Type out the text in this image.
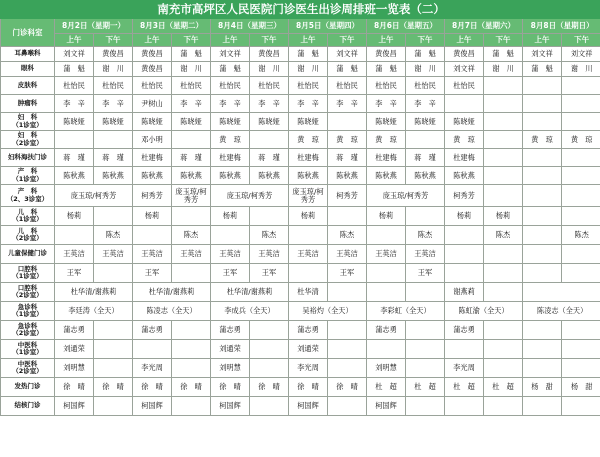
南充市高坪区人民医院门诊医生出诊周排班一览表（二）														
门诊科室	8月2日（星期一）		8月3日（星期二）		8月4日（星期三）		8月5日（星期四）		8月6日（星期五）		8月7日（星期六）		8月8日（星期日）	
	上午	下午	上午	下午	上午	下午	上午	下午	上午	下午	上午	下午	上午	下午
耳鼻喉科	刘文祥	黄俊昌	黄俊昌	蒲　魁	刘文祥	黄俊昌	蒲　魁	刘文祥	黄俊昌	蒲　魁	黄俊昌	蒲　魁	刘文祥	刘文祥
眼科	蒲　魁	谢　川	黄俊昌	谢　川	蒲　魁	谢　川	谢　川	蒲　魁	蒲　魁	谢　川	刘文祥	谢　川	蒲　魁	谢　川
皮肤科	杜怡民	杜怡民	杜怡民	杜怡民	杜怡民	杜怡民	杜怡民	杜怡民	杜怡民	杜怡民	杜怡民			
肿瘤科	李　辛	李　辛	尹树山	李　辛	李　辛	李　辛	李　辛	李　辛	李　辛	李　辛				
妇　科
（1诊室）	陈晓娅	陈晓娅	陈晓娅	陈晓娅	陈晓娅	陈晓娅	陈晓娅		陈晓娅	陈晓娅	陈晓娅			
妇　科
（2诊室）			邓小明		黄　琼		黄　琼	黄　琼	黄　琼		黄　琼		黄　琼	黄　琼
妇科海扶门诊	蒋　瑾	蒋　瑾	杜建梅	蒋　瑾	杜建梅	蒋　瑾	杜建梅	蒋　瑾	杜建梅	蒋　瑾	杜建梅			
产　科
（1诊室）	陈秋燕	陈秋燕	陈秋燕	陈秋燕	陈秋燕	陈秋燕	陈秋燕	陈秋燕	陈秋燕	陈秋燕	陈秋燕			
产　科
（2、3诊室）	庞玉琼/柯秀芳		柯秀芳	庞玉琼/柯秀芳	庞玉琼/柯秀芳		庞玉琼/柯秀芳	柯秀芳	庞玉琼/柯秀芳		柯秀芳			
儿　科
（1诊室）	杨莉		杨莉		杨莉		杨莉		杨莉		杨莉	杨莉		
儿　科
（2诊室）		陈杰		陈杰		陈杰		陈杰		陈杰		陈杰		陈杰
儿童保健门诊	王英洁	王英洁	王英洁	王英洁	王英洁	王英洁	王英洁	王英洁	王英洁	王英洁				
口腔科
（1诊室）	王军		王军		王军	王军		王军		王军				
口腔科
（2诊室）	杜华清/谢燕莉		杜华清/谢燕莉		杜华清/谢燕莉		杜华清				谢燕莉			
急诊科
（1诊室）	李廷涛（全天）		陈凌志（全天）		李成兵（全天）		吴裕灼（全天）		李彩虹（全天）		陈虹渝（全天）		陈凌志（全天）	
急诊科
（2诊室）	蒲志勇		蒲志勇		蒲志勇		蒲志勇		蒲志勇		蒲志勇			
中医科
（1诊室）	刘通荣				刘通荣		刘通荣							
中医科
（2诊室）	刘明慧		李光周		刘明慧		李光周		刘明慧		李光周			
发热门诊	徐　晴	徐　晴	徐　晴	徐　晴	徐　晴	徐　晴	徐　晴	徐　晴	杜　超	杜　超	杜　超	杜　超	杨　甜	杨　甜
结核门诊	柯国辉		柯国辉		柯国辉		柯国辉		柯国辉					
